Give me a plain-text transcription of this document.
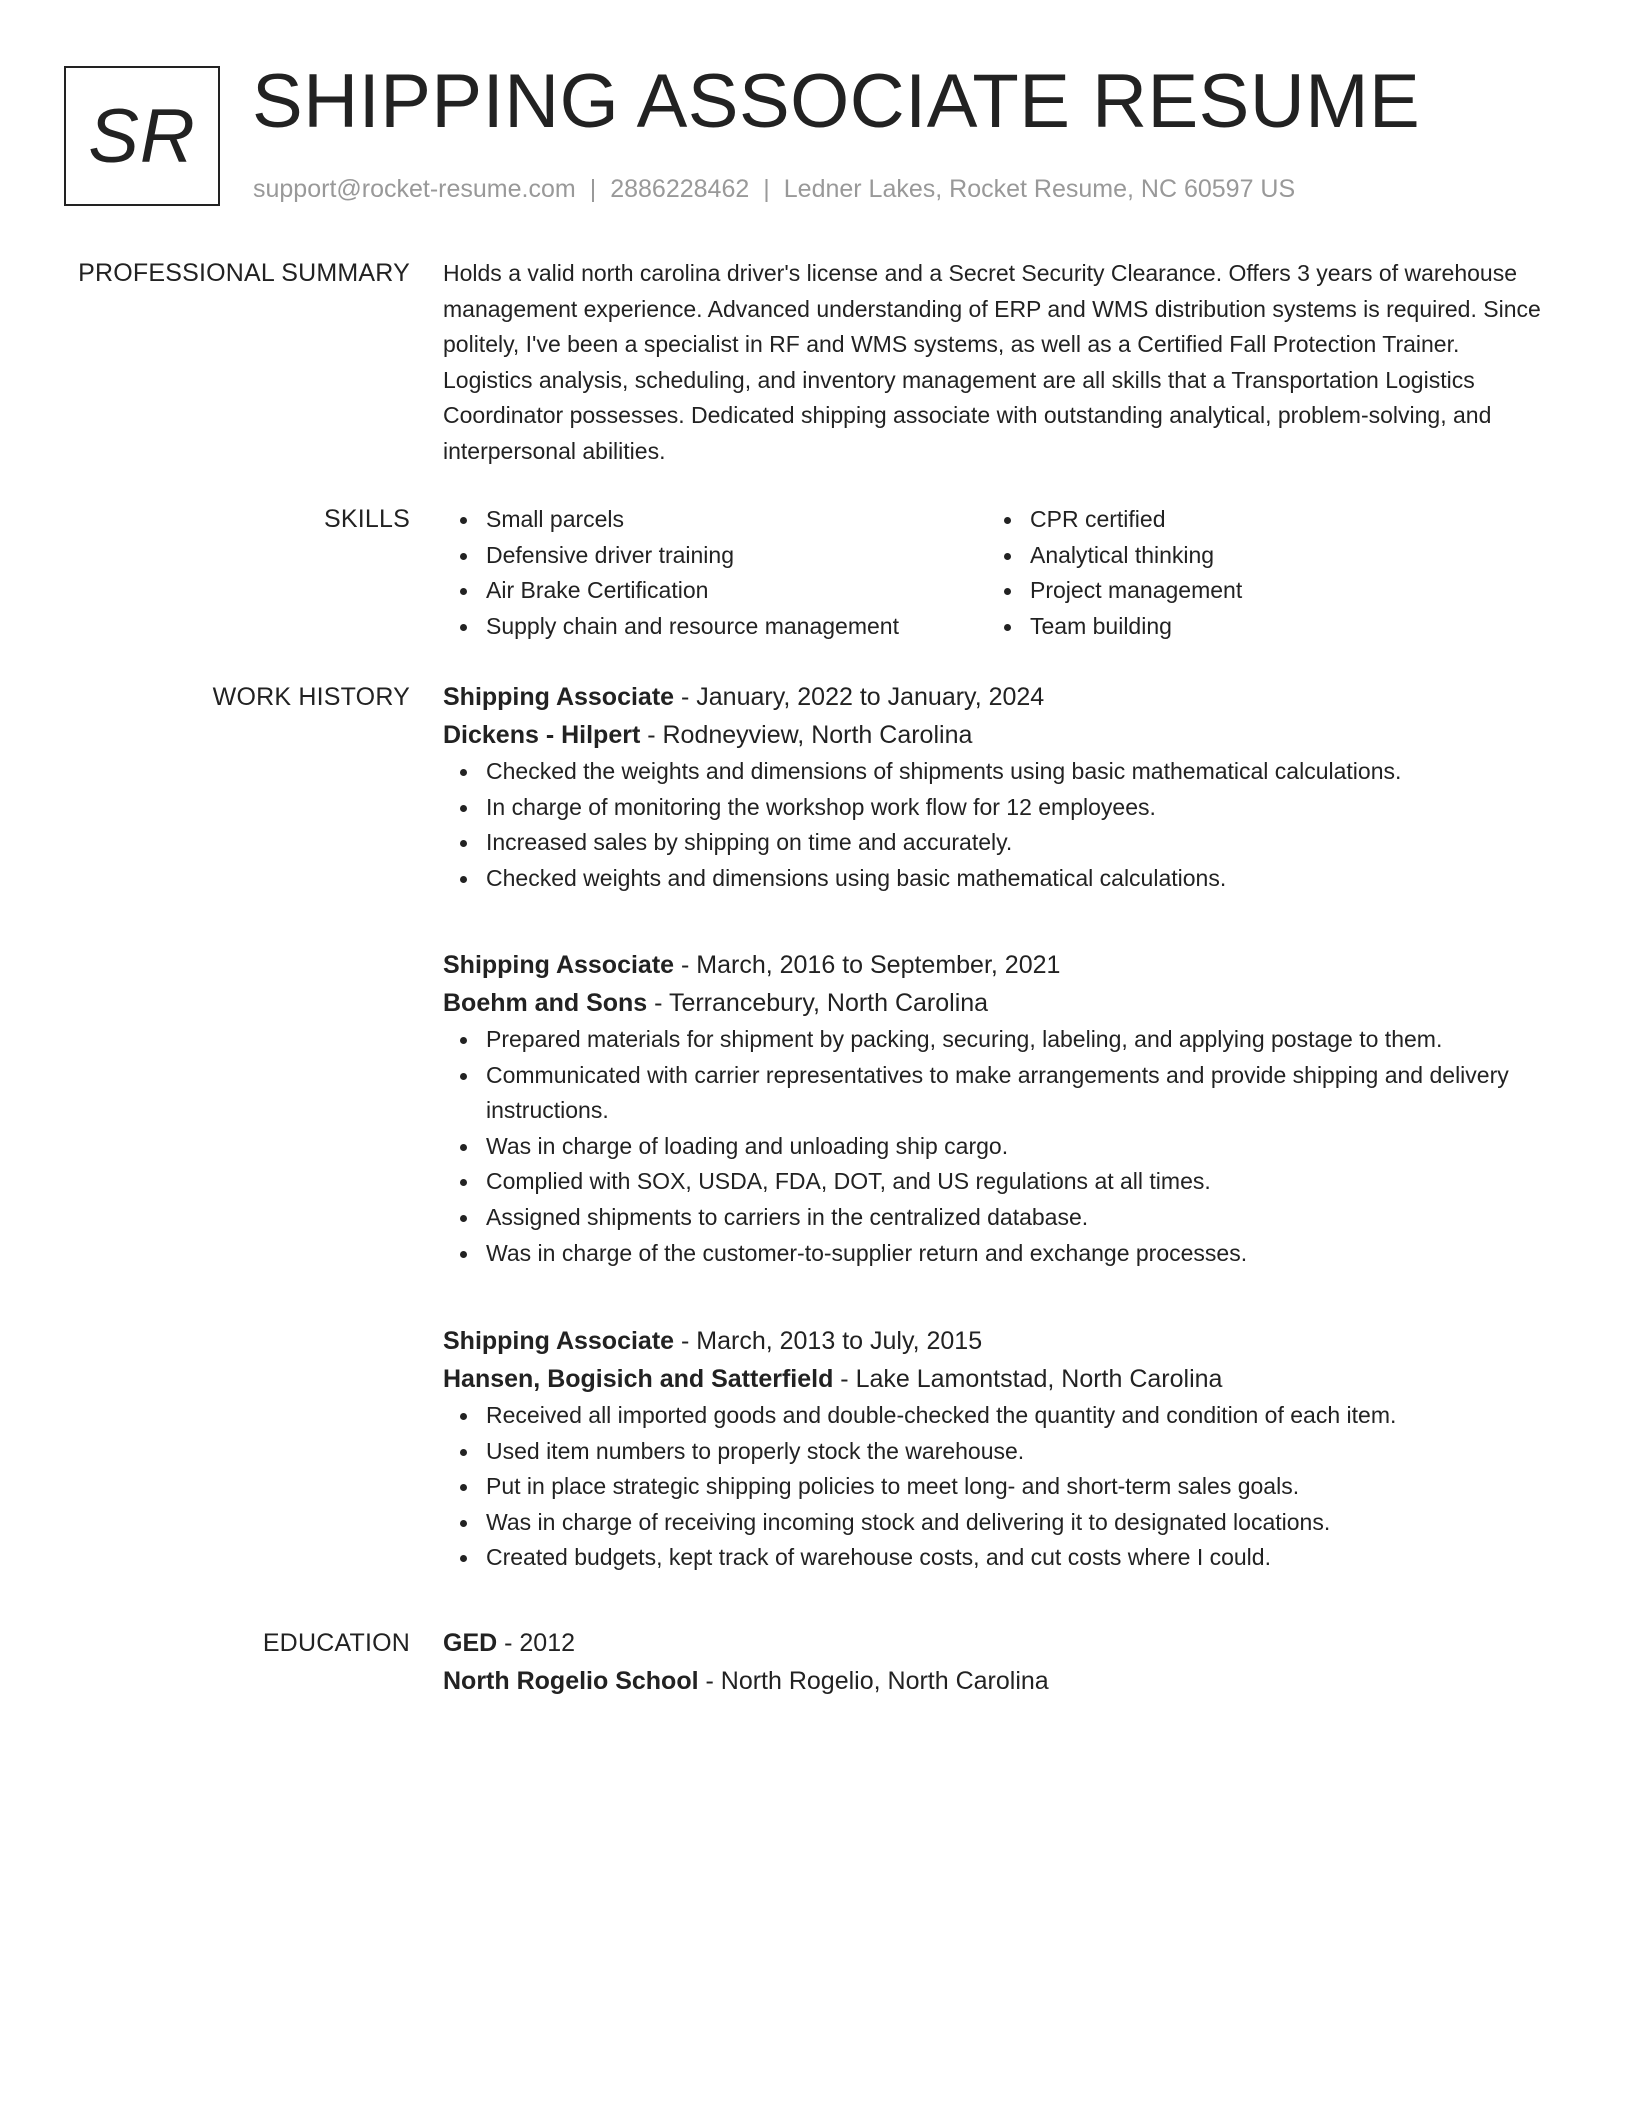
SR SHIPPING ASSOCIATE RESUME
support@rocket-resume.com | 2886228462 | Ledner Lakes, Rocket Resume, NC 60597 US
PROFESSIONAL SUMMARY Holds a valid north carolina driver's license and a Secret Security Clearance. Offers 3 years of warehouse management experience. Advanced understanding of ERP and WMS distribution systems is required. Since politely, I've been a specialist in RF and WMS systems, as well as a Certified Fall Protection Trainer. Logistics analysis, scheduling, and inventory management are all skills that a Transportation Logistics Coordinator possesses. Dedicated shipping associate with outstanding analytical, problem-solving, and interpersonal abilities.

SKILLS	Small parcels
Defensive driver training
Air Brake Certification
Supply chain and resource management
CPR certified
Analytical thinking
Project management
Team building
WORK HISTORY Shipping Associate - January, 2022 to January, 2024
Dickens - Hilpert - Rodneyview, North Carolina
Checked the weights and dimensions of shipments using basic mathematical calculations.
In charge of monitoring the workshop work flow for 12 employees.
Increased sales by shipping on time and accurately.
Checked weights and dimensions using basic mathematical calculations.
Shipping Associate - March, 2016 to September, 2021
Boehm and Sons - Terrancebury, North Carolina
Prepared materials for shipment by packing, securing, labeling, and applying postage to them.
Communicated with carrier representatives to make arrangements and provide shipping and delivery instructions.
Was in charge of loading and unloading ship cargo.
Complied with SOX, USDA, FDA, DOT, and US regulations at all times.
Assigned shipments to carriers in the centralized database.
Was in charge of the customer-to-supplier return and exchange processes.
Shipping Associate - March, 2013 to July, 2015
Hansen, Bogisich and Satterfield - Lake Lamontstad, North Carolina
Received all imported goods and double-checked the quantity and condition of each item.
Used item numbers to properly stock the warehouse.
Put in place strategic shipping policies to meet long- and short-term sales goals.
Was in charge of receiving incoming stock and delivering it to designated locations.
Created budgets, kept track of warehouse costs, and cut costs where I could.
EDUCATION GED - 2012
North Rogelio School - North Rogelio, North Carolina
